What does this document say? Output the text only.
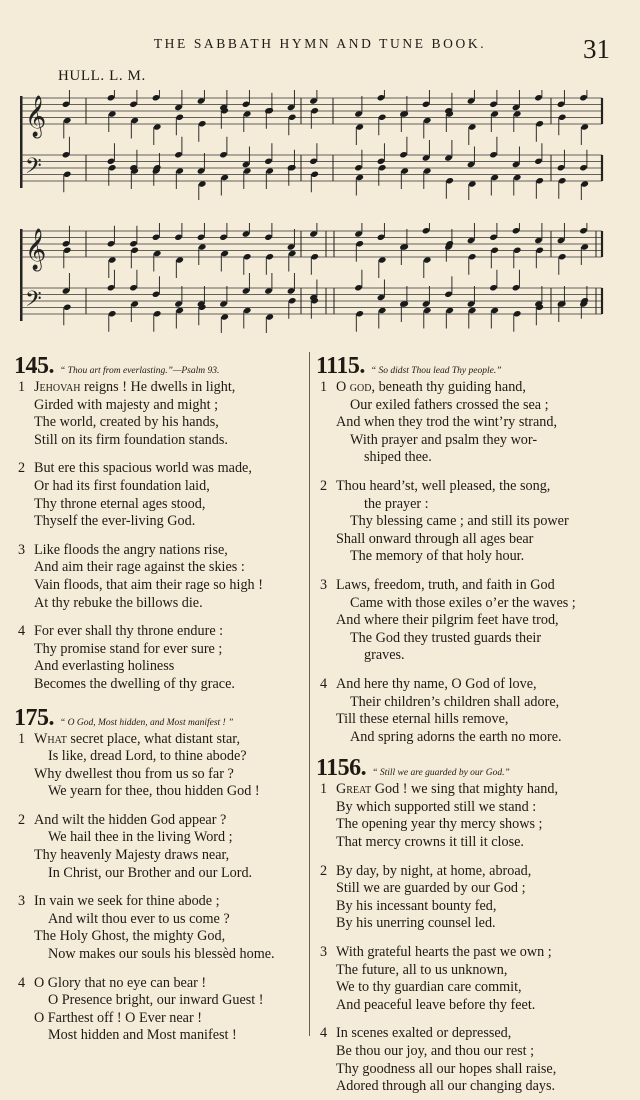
THE SABBATH HYMN AND TUNE BOOK.	31
HULL. L. M.
𝄞
𝄢
𝄞
𝄢
145. “ Thou art from everlasting.”—Psalm 93.
1 Jehovah reigns ! He dwells in light,
Girded with majesty and might ;
The world, created by his hands,
Still on its firm foundation stands.
2 But ere this spacious world was made,
Or had its first foundation laid,
Thy throne eternal ages stood,
Thyself the ever-living God.
3 Like floods the angry nations rise,
And aim their rage against the skies :
Vain floods, that aim their rage so high !
At thy rebuke the billows die.
4 For ever shall thy throne endure :
Thy promise stand for ever sure ;
And everlasting holiness
Becomes the dwelling of thy grace.
175. “ O God, Most hidden, and Most manifest ! ”
1 What secret place, what distant star,
Is like, dread Lord, to thine abode?
Why dwellest thou from us so far ?
We yearn for thee, thou hidden God !
2 And wilt the hidden God appear ?
We hail thee in the living Word ;
Thy heavenly Majesty draws near,
In Christ, our Brother and our Lord.
3 In vain we seek for thine abode ;
And wilt thou ever to us come ?
The Holy Ghost, the mighty God,
Now makes our souls his blessèd home.
4 O Glory that no eye can bear !
O Presence bright, our inward Guest !
O Farthest off ! O Ever near !
Most hidden and Most manifest !
1115. “ So didst Thou lead Thy people.”
1 O god, beneath thy guiding hand,
Our exiled fathers crossed the sea ;
And when they trod the wint’ry strand,
With prayer and psalm they wor-
shiped thee.
2 Thou heard’st, well pleased, the song,
the prayer :
Thy blessing came ; and still its power
Shall onward through all ages bear
The memory of that holy hour.
3 Laws, freedom, truth, and faith in God
Came with those exiles o’er the waves ;
And where their pilgrim feet have trod,
The God they trusted guards their
graves.
4 And here thy name, O God of love,
Their children’s children shall adore,
Till these eternal hills remove,
And spring adorns the earth no more.
1156. “ Still we are guarded by our God.”
1 Great God ! we sing that mighty hand,
By which supported still we stand :
The opening year thy mercy shows ;
That mercy crowns it till it close.
2 By day, by night, at home, abroad,
Still we are guarded by our God ;
By his incessant bounty fed,
By his unerring counsel led.
3 With grateful hearts the past we own ;
The future, all to us unknown,
We to thy guardian care commit,
And peaceful leave before thy feet.
4 In scenes exalted or depressed,
Be thou our joy, and thou our rest ;
Thy goodness all our hopes shall raise,
Adored through all our changing days.
